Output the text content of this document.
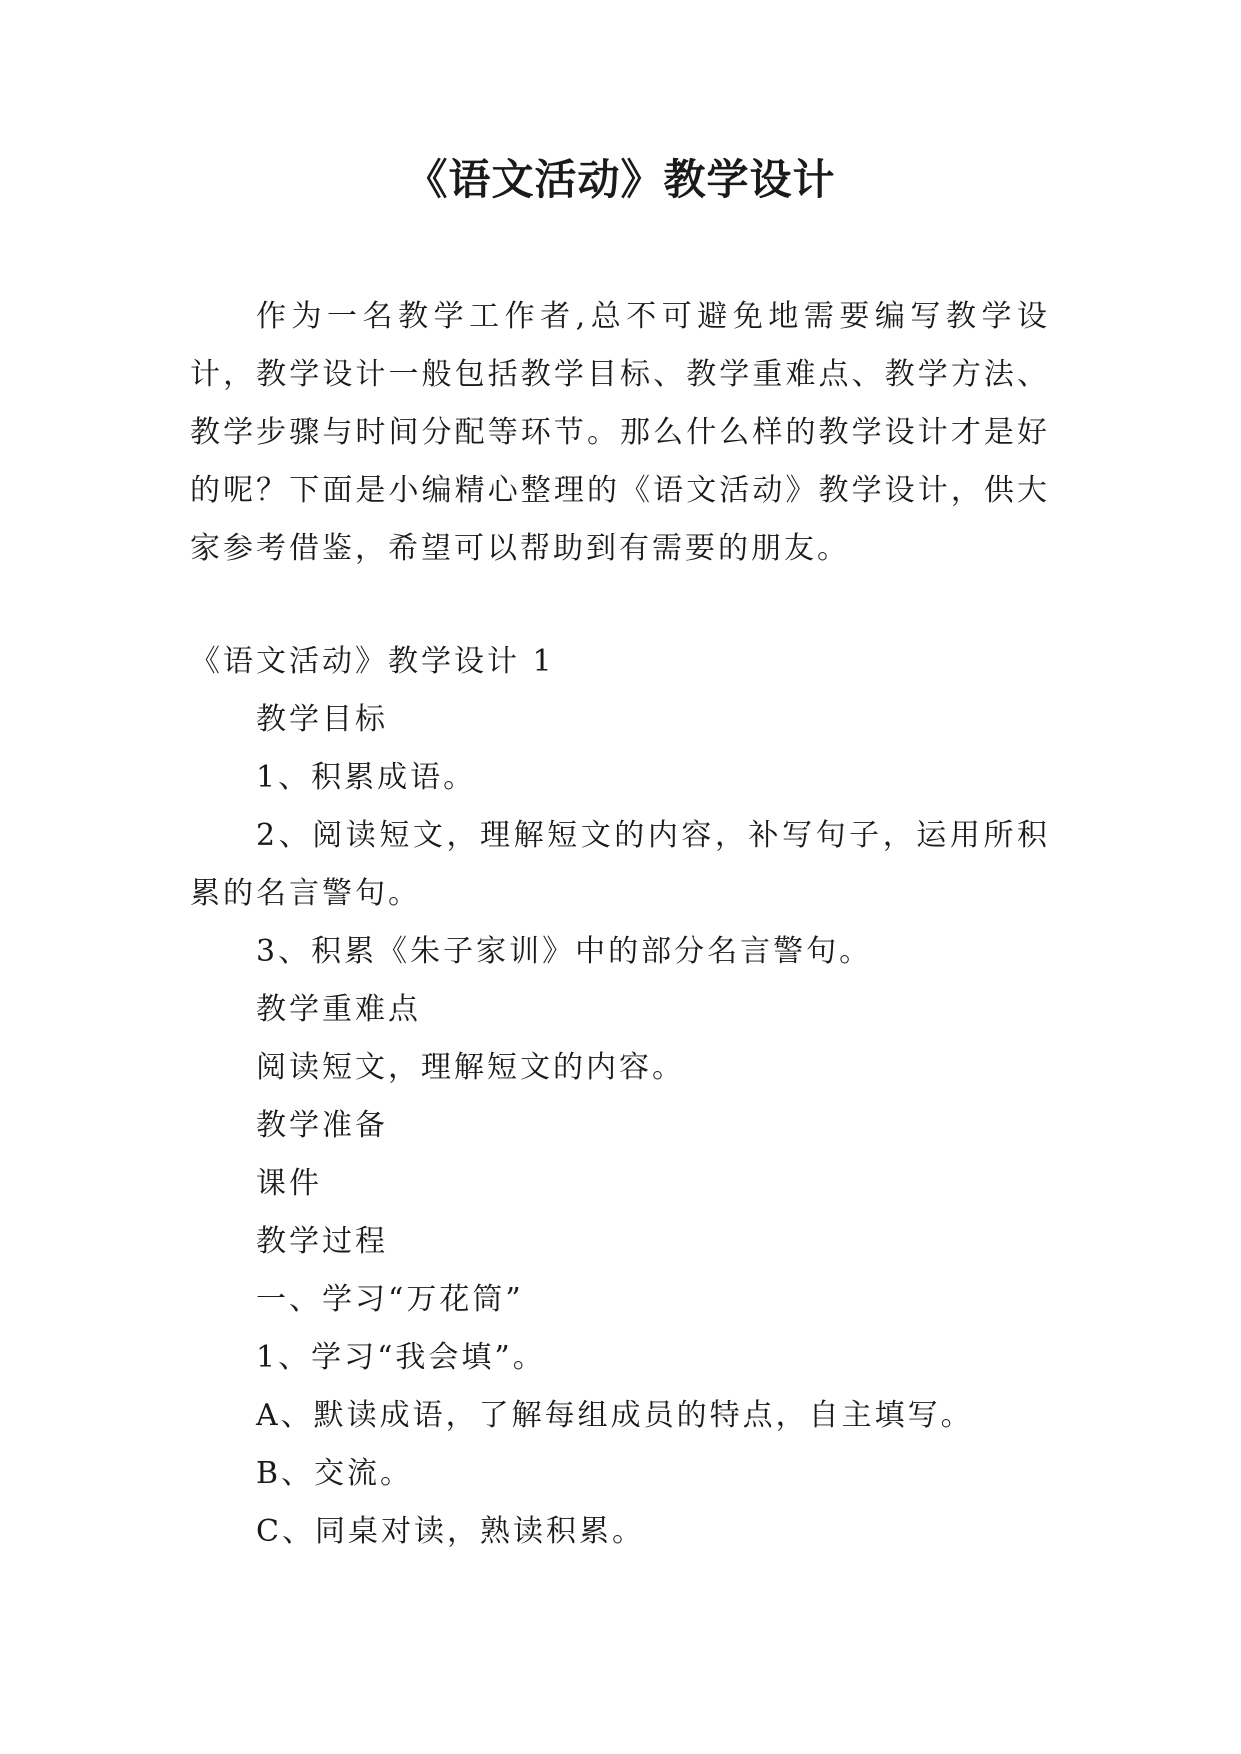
《语文活动》教学设计

作为一名教学工作者,总不可避免地需要编写教学设计，教学设计一般包括教学目标、教学重难点、教学方法、教学步骤与时间分配等环节。那么什么样的教学设计才是好的呢？下面是小编精心整理的《语文活动》教学设计，供大家参考借鉴，希望可以帮助到有需要的朋友。

《语文活动》教学设计 1

教学目标

1、积累成语。

2、阅读短文，理解短文的内容，补写句子，运用所积累的名言警句。

3、积累《朱子家训》中的部分名言警句。

教学重难点

阅读短文，理解短文的内容。

教学准备

课件

教学过程

一、学习“万花筒”

1、学习“我会填”。

A、默读成语，了解每组成员的特点，自主填写。

B、交流。

C、同桌对读，熟读积累。
